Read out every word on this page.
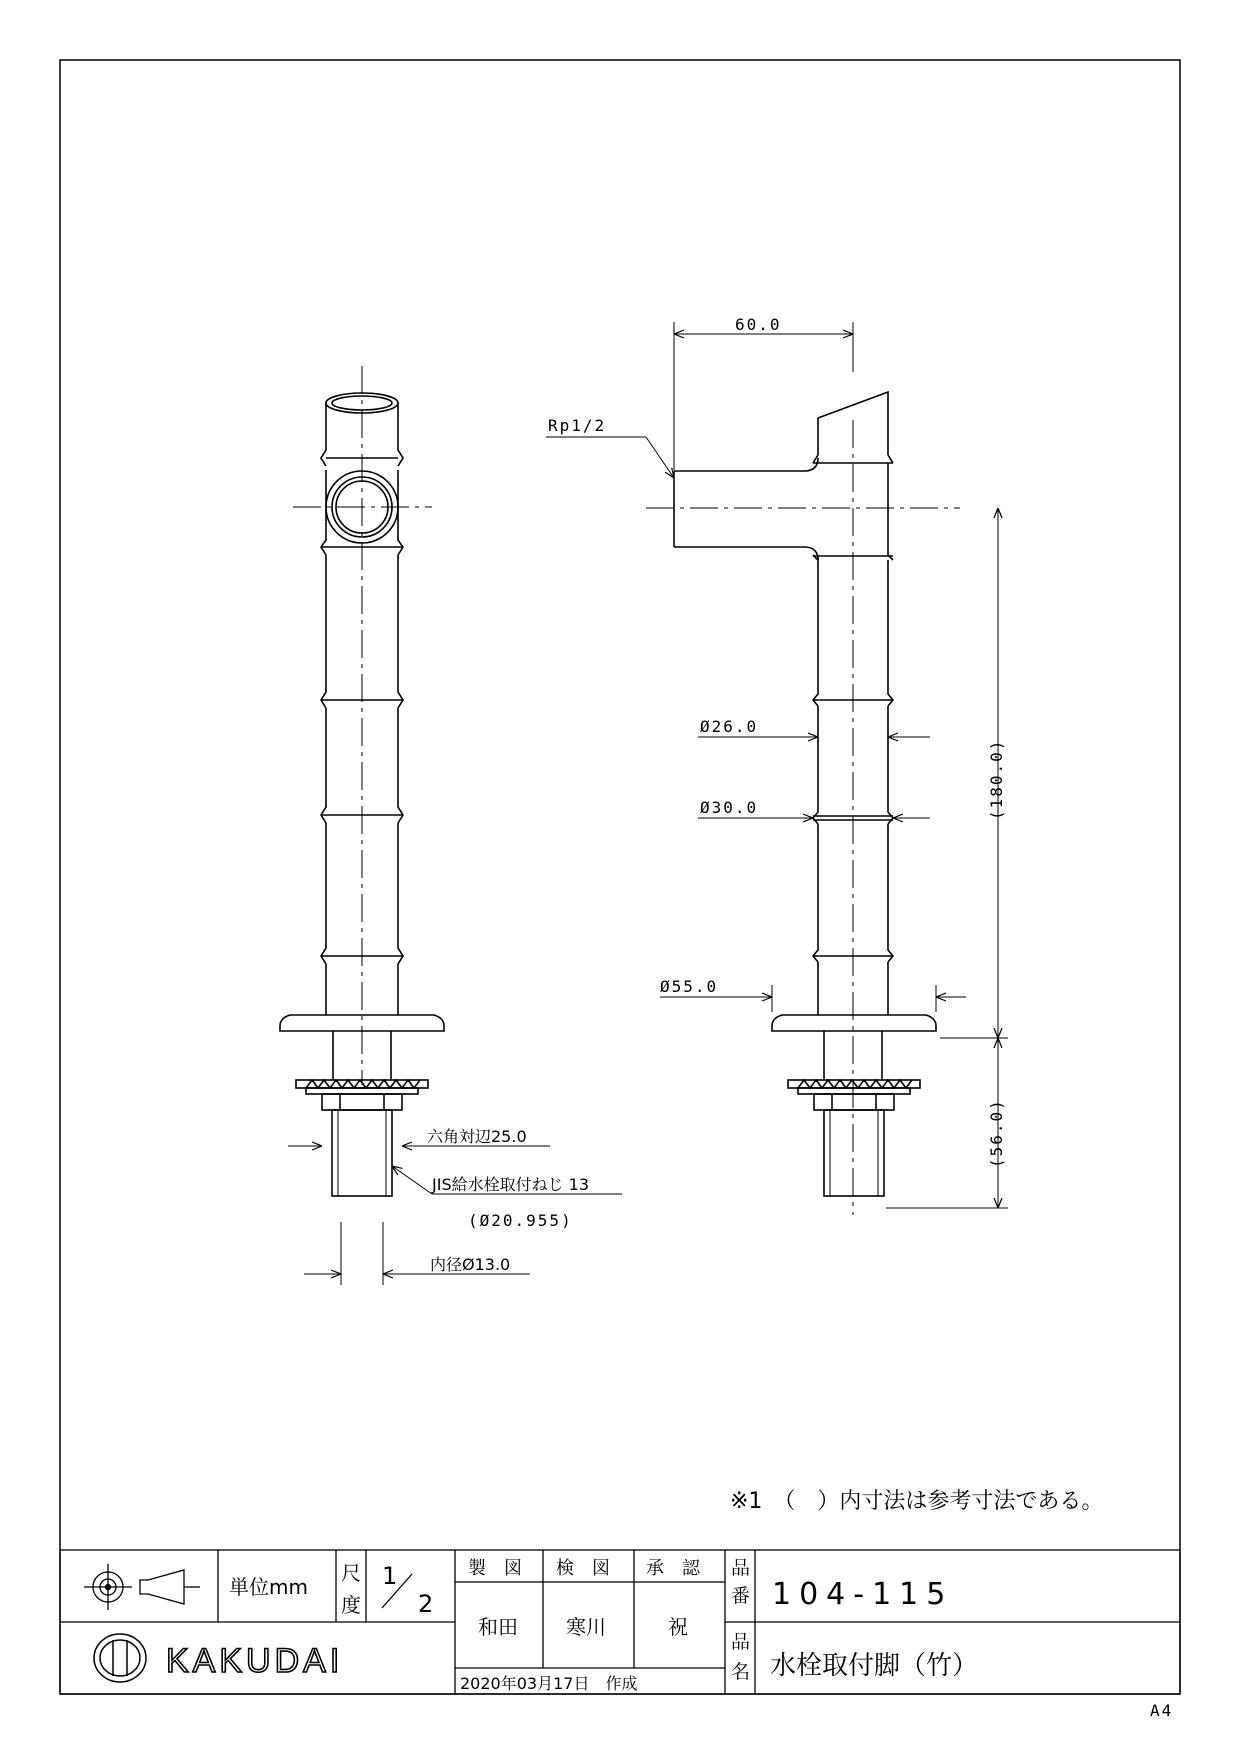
六角対辺25.0
JIS給水栓取付ねじ 13
(Ø20.955)
内径Ø13.0
60.0
Rp1/2
Ø26.0
Ø30.0
Ø55.0
(180.0)
(56.0)
※1　（　）内寸法は参考寸法である。
単位mm
尺
度
1
2
製　図 検　図 承　認
和田 寒川	祝
2020年03月17日　作成
品
番 104-115
品
名 水栓取付脚（竹）
KAKUDAI
A4
